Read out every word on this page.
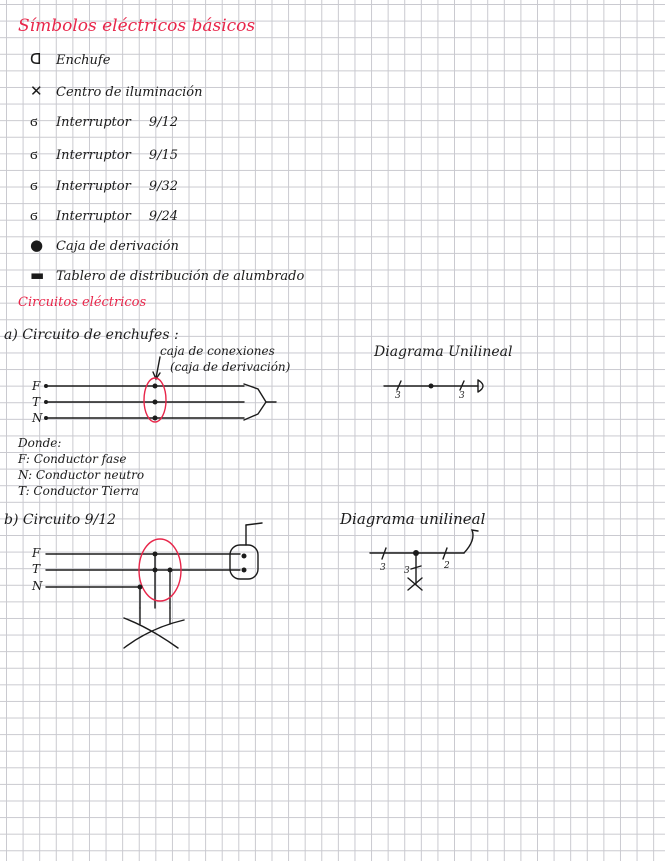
Símbolos eléctricos básicos
ᗡ Enchufe
✕ Centro de iluminación
ϭ Interruptor 9/12
ϭ Interruptor 9/15
ϭ Interruptor 9/32
ϭ Interruptor 9/24
● Caja de derivación
▬ Tablero de distribución de alumbrado
Circuitos eléctricos
a) Circuito de enchufes :
caja de conexiones
(caja de derivación)
F
T
N
Diagrama Unilineal
3	3
Donde:
F: Conductor fase
N: Conductor neutro
T: Conductor Tierra
b) Circuito 9/12
F
T
N
Diagrama unilineal
3 3	2
